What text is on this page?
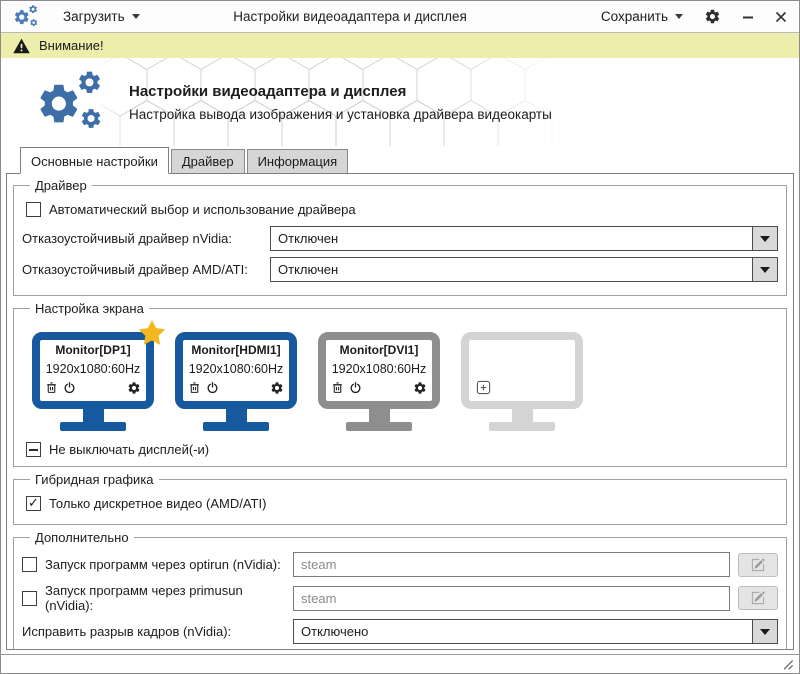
Загрузить	Настройки видеоадаптера и дисплея	Сохранить
Внимание!
Настройки видеоадаптера и дисплея
Настройка вывода изображения и установка драйвера видеокарты
Основные настройки	Драйвер	Информация
Драйвер
Автоматический выбор и использование драйвера
Отказоустойчивый драйвер nVidia:	Отключен
Отказоустойчивый драйвер AMD/ATI:	Отключен
Настройка экрана
Monitor[DP1]
1920x1080:60Hz
Monitor[HDMI1]
1920x1080:60Hz
Monitor[DVI1]
1920x1080:60Hz
Не выключать дисплей(-и)
Гибридная графика
✓
Только дискретное видео (AMD/ATI)
Дополнительно
Запуск программ через optirun (nVidia):
steam
Запуск программ через primusun (nVidia):
steam
Исправить разрыв кадров (nVidia):	Отключено
